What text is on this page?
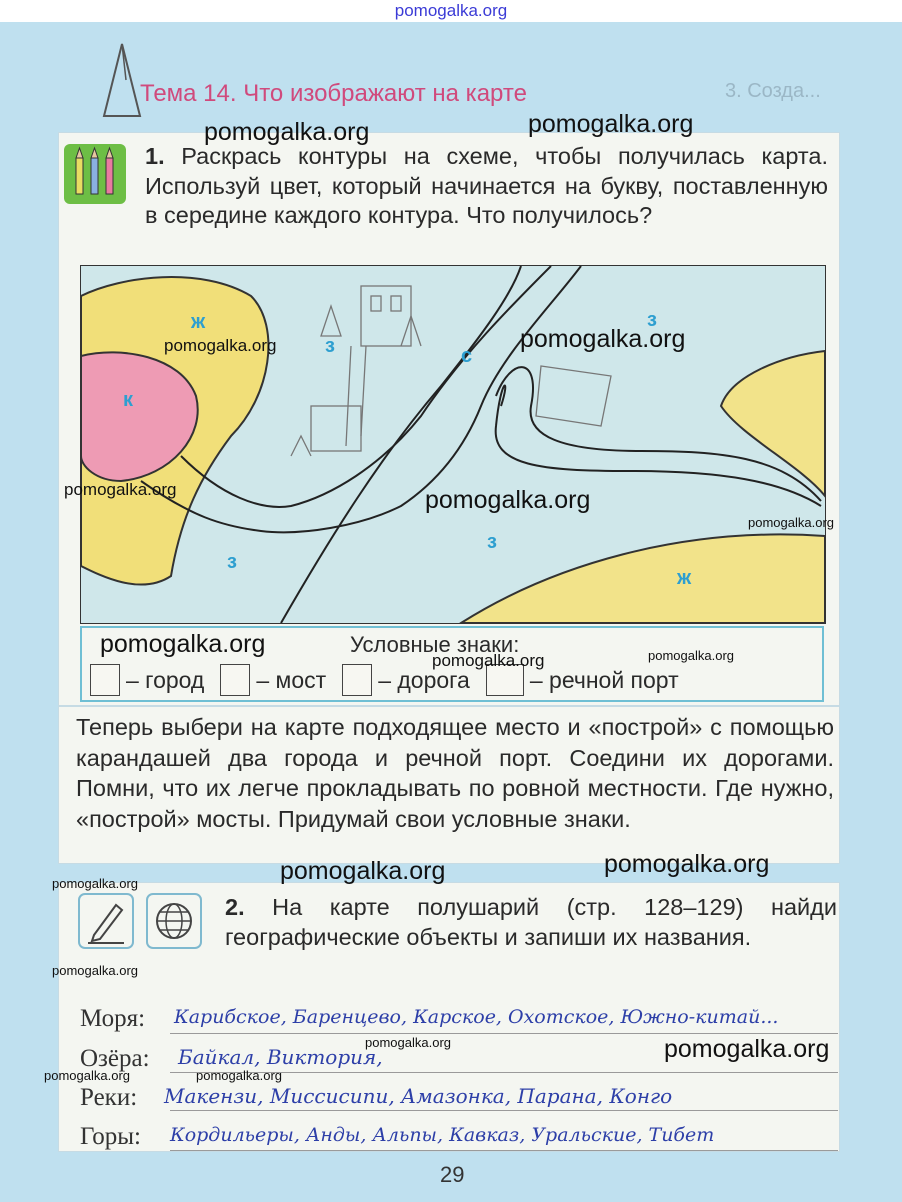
pomogalka.org
Тема 14. Что изображают на карте	3. Созда...
1. Раскрась контуры на схеме, чтобы получилась карта. Используй цвет, который начинается на букву, поставленную в середине каждого контура. Что получилось?
ж
к
з	с
з
з
з
ж
Условные знаки:
– город – мост – дорога	– речной порт
Теперь выбери на карте подходящее место и «построй» с помощью карандашей два города и речной порт. Соедини их дорогами. Помни, что их легче прокладывать по ровной местности. Где нужно, «построй» мосты. Придумай свои условные знаки.
2. На карте полушарий (стр. 128–129) найди географические объекты и запиши их названия.
Моря: Карибское, Баренцево, Карское, Охотское, Южно-китай...
Озёра: Байкал, Виктория,
Реки: Макензи, Миссисипи, Амазонка, Парана, Конго
Горы: Кордильеры, Анды, Альпы, Кавказ, Уральские, Тибет
29
pomogalka.org	pomogalka.org
pomogalka.org	pomogalka.org
pomogalka.org	pomogalka.org
pomogalka.org
pomogalka.org
pomogalka.org	pomogalka.org
pomogalka.org
pomogalka.org
pomogalka.org
pomogalka.org
pomogalka.org	pomogalka.org
pomogalka.org	pomogalka.org
